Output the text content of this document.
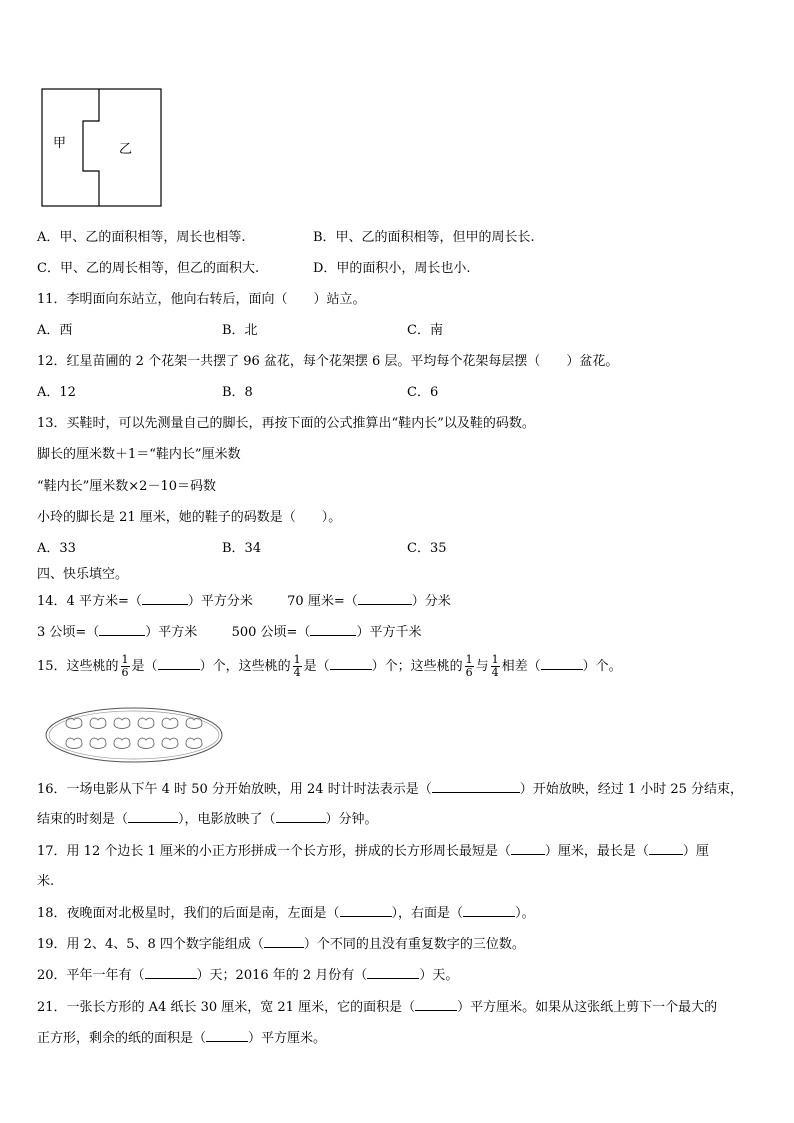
甲	乙
A．甲、乙的面积相等，周长也相等.	B．甲、乙的面积相等，但甲的周长长.
C．甲、乙的周长相等，但乙的面积大.	D．甲的面积小，周长也小.
11．李明面向东站立，他向右转后，面向（　　）站立。
A．西	B．北	C．南
12．红星苗圃的 2 个花架一共摆了 96 盆花，每个花架摆 6 层。平均每个花架每层摆（　　）盆花。
A．12	B．8	C．6
13．买鞋时，可以先测量自己的脚长，再按下面的公式推算出“鞋内长”以及鞋的码数。
脚长的厘米数＋1＝“鞋内长”厘米数
“鞋内长”厘米数×2－10＝码数
小玲的脚长是 21 厘米，她的鞋子的码数是（　　）。
A．33	B．34	C．35
四、快乐填空。
14．4 平方米=（	）平方分米	70 厘米=（	）分米
3 公顷=（	）平方米	500 公顷=（	）平方千米
15．这些桃的 $\frac{1}{6}$ 是（	）个，这些桃的 $\frac{1}{4}$ 是（	）个；这些桃的 $\frac{1}{6}$ 与 $\frac{1}{4}$ 相差（	）个。
16．一场电影从下午 4 时 50 分开始放映，用 24 时计时法表示是（	）开始放映，经过 1 小时 25 分结束，
结束的时刻是（	），电影放映了（	）分钟。
17．用 12 个边长 1 厘米的小正方形拼成一个长方形，拼成的长方形周长最短是（	）厘米，最长是（	）厘
米.
18．夜晚面对北极星时，我们的后面是南，左面是（	），右面是（	）。
19．用 2、4、5、8 四个数字能组成（	）个不同的且没有重复数字的三位数。
20．平年一年有（	）天；2016 年的 2 月份有（	）天。
21．一张长方形的 A4 纸长 30 厘米，宽 21 厘米，它的面积是（	）平方厘米。如果从这张纸上剪下一个最大的
正方形，剩余的纸的面积是（	）平方厘米。
